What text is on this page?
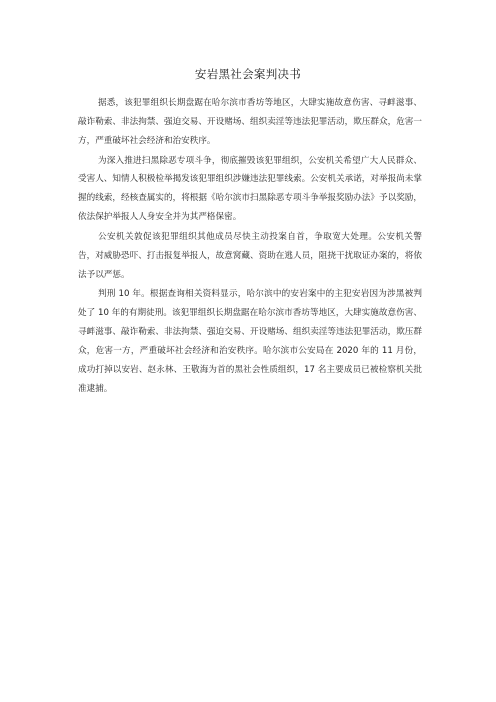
安岩黑社会案判决书

据悉，该犯罪组织长期盘踞在哈尔滨市香坊等地区，大肆实施故意伤害、寻衅滋事、敲诈勒索、非法拘禁、强迫交易、开设赌场、组织卖淫等违法犯罪活动，欺压群众，危害一方，严重破坏社会经济和治安秩序。

为深入推进扫黑除恶专项斗争，彻底摧毁该犯罪组织，公安机关希望广大人民群众、受害人、知情人积极检举揭发该犯罪组织涉嫌违法犯罪线索。公安机关承诺，对举报尚未掌握的线索，经核查属实的，将根据《哈尔滨市扫黑除恶专项斗争举报奖励办法》予以奖励，依法保护举报人人身安全并为其严格保密。

公安机关敦促该犯罪组织其他成员尽快主动投案自首，争取宽大处理。公安机关警告，对威胁恐吓、打击报复举报人，故意窝藏、资助在逃人员，阻挠干扰取证办案的，将依法予以严惩。

判刑 10 年。根据查询相关资料显示，哈尔滨中的安岩案中的主犯安岩因为涉黑被判处了 10 年的有期徒刑。该犯罪组织长期盘踞在哈尔滨市香坊等地区，大肆实施故意伤害、寻衅滋事、敲诈勒索、非法拘禁、强迫交易、开设赌场、组织卖淫等违法犯罪活动，欺压群众，危害一方，严重破坏社会经济和治安秩序。哈尔滨市公安局在 2020 年的 11 月份，成功打掉以安岩、赵永林、王敬海为首的黑社会性质组织，17 名主要成员已被检察机关批准逮捕。
